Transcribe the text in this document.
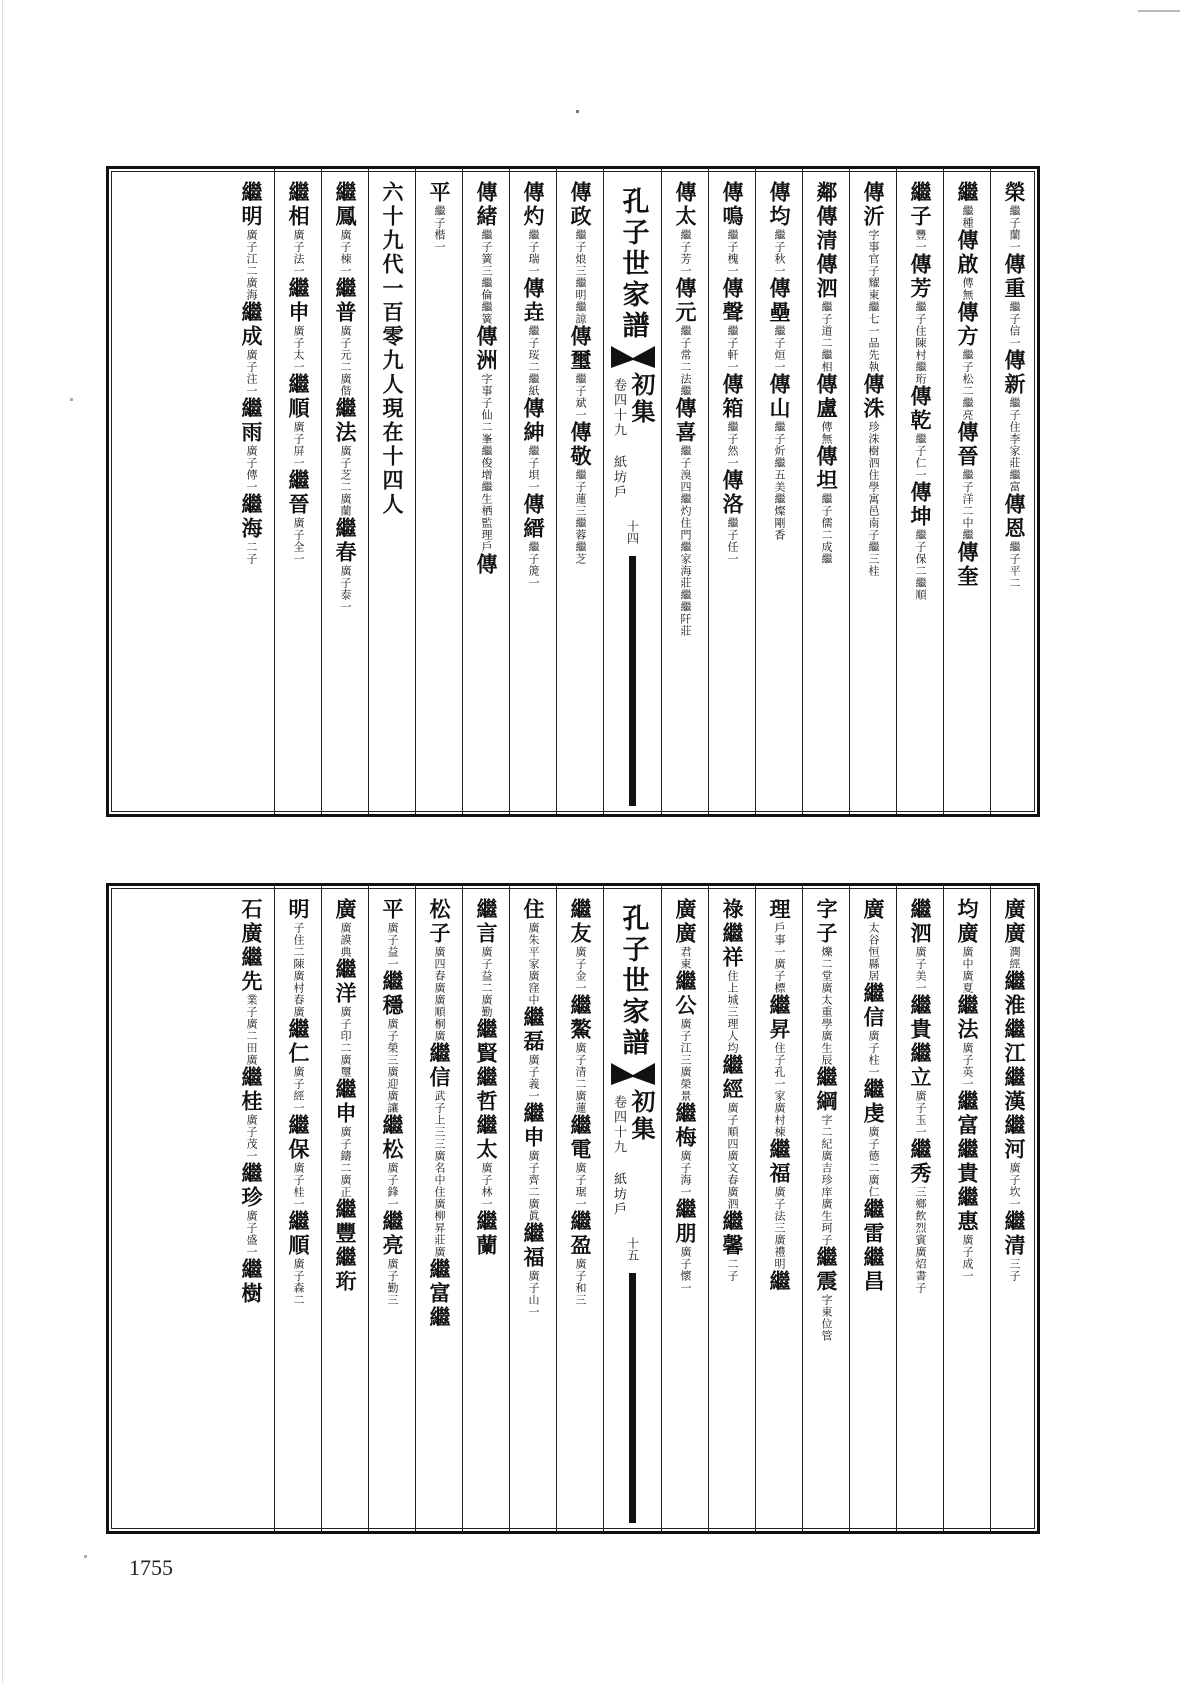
榮繼子蘭一
傳重繼子信一
傳新繼子住李家莊繼富
傳恩繼子平二
繼繼種
傳啟傳無
傳方繼子松二繼亮
傳晉繼子洋二中繼
傳奎
繼子豐一
傳芳繼子住陳村繼珩
傳乾繼子仁一
傳坤繼子保二繼順
傳沂字事官子耀東繼七一品先執
傳洙珍洙樹泗住學寓邑南子繼三桂
鄰
傳清
傳泗繼子道二繼相
傳盧傳無
傳坦繼子儒二成繼
傳均繼子秋一
傳壘繼子烜一
傳山繼子炘繼五美繼燦剛香
傳鳴繼子槐一
傳聲繼子軒一
傳箱繼子然一
傳洛繼子任一
傳太繼子芳一
傳元繼子常二法繼
傳喜繼子溴四繼灼住門繼家海莊繼繼阡莊
孔子世家譜
初集
卷四十九 紙坊戶
十四
傳政繼子烺三繼明繼諒
傳璽繼子斌一
傳敬繼子蓮三繼蓉繼芝
傳灼繼子瑞一
傳垚繼子珱二繼紙
傳紳繼子垻一
傳縉繼子箎一
傳緒繼子簧三繼倫繼簧
傳洲字事子仙二峯繼俊增繼生栖監理戶
傳
平繼子楷一
六十九代
一百零九人
現在十四人
繼鳳廣子棟一
繼普廣子元二廣偕
繼法廣子芝二廣蘭
繼春廣子泰一
繼相廣子法一
繼申廣子太一
繼順廣子屏一
繼晉廣子全一
繼明廣子江二廣海
繼成廣子注一
繼雨廣子傳一
繼海二子
廣廣潤經
繼淮
繼江
繼漢
繼河廣子坎一
繼清三子
均廣廣中廣夏
繼法廣子英一
繼富
繼貴
繼惠廣子成一
繼泗廣子美一
繼貴
繼立廣子玉一
繼秀三鄉飲烈賓廣炤書子
廣太谷恒縣居
繼信廣子柱一
繼虔廣子德二廣仁
繼雷
繼昌
字子爍二堂廣太重學廣生辰
繼綱字二紀廣吉珍庠廣生珂子
繼震字東位管
理戶事一廣子標
繼昇住子孔一家廣村棟
繼福廣子法三廣禮明
繼
祿
繼祥住上城三理人均
繼經廣子順四廣文春廣泗
繼馨二子
廣廣君東
繼公廣子江三廣榮景
繼梅廣子海一
繼朋廣子懷一
孔子世家譜
初集
卷四十九 紙坊戶
十五
繼友廣子金一
繼鰲廣子清二廣蓮
繼電廣子琚一
繼盈廣子和三
住廣朱平家廣窪中
繼磊廣子義一
繼申廣子齊二廣眞
繼福廣子山一
繼言廣子益二廣勤
繼賢
繼哲
繼太廣子林一
繼蘭
松子廣四春廣廣順桐廣
繼信武子上三三廣名中住廣柳昇莊廣
繼富
繼
平廣子益一
繼穩廣子榮三廣迎廣讓
繼松廣子鋒一
繼亮廣子勤三
廣廣謨典
繼洋廣子印二廣璽
繼申廣子鑄二廣正
繼豐
繼珩
明子住二陳廣村春廣
繼仁廣子經一
繼保廣子桂一
繼順廣子森二
石廣
繼先業子廣二田廣
繼桂廣子茂一
繼珍廣子盛一
繼樹
1755
